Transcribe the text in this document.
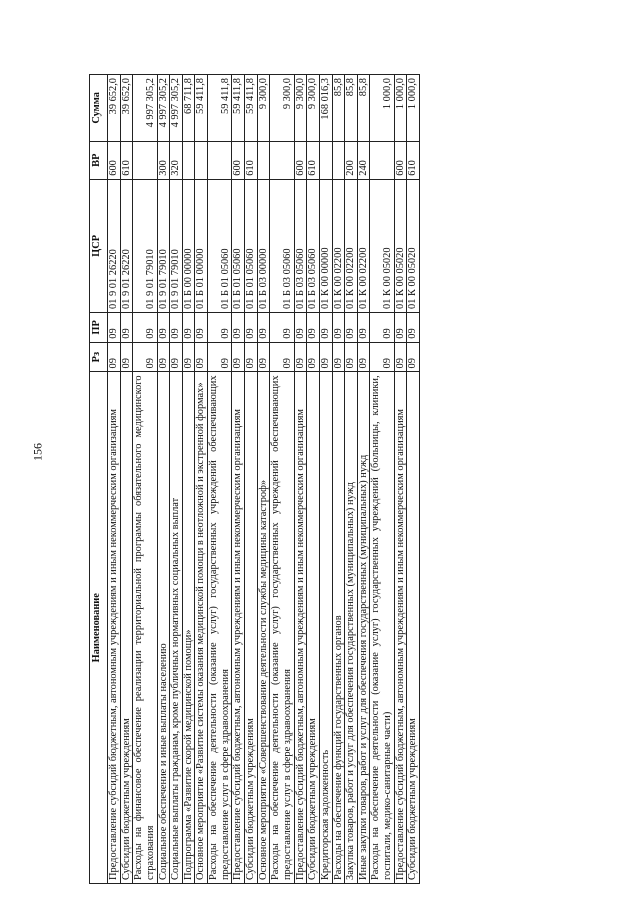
156
Наименование	Рз	ПР	ЦСР	ВР	Сумма
Предоставление субсидий бюджетным, автономным учреждениям и иным некоммерческим организациям	09	09	01 9 01 26220	600	39 652,0
Субсидии бюджетным учреждениям	09	09	01 9 01 26220	610	39 652,0
Расходы на финансовое обеспечение реализации территориальной программы обязательного медицинского страхования	09	09	01 9 01 79010		4 997 305,2
Социальное обеспечение и иные выплаты населению	09	09	01 9 01 79010	300	4 997 305,2
Социальные выплаты гражданам, кроме публичных нормативных социальных выплат	09	09	01 9 01 79010	320	4 997 305,2
Подпрограмма «Развитие скорой медицинской помощи»	09	09	01 Б 00 00000		68 711,8
Основное мероприятие «Развитие системы оказания медицинской помощи в неотложной и экстренной формах»	09	09	01 Б 01 00000		59 411,8
Расходы на обеспечение деятельности (оказание услуг) государственных учреждений обеспечивающих предоставление услуг в сфере здравоохранения	09	09	01 Б 01 05060		59 411,8
Предоставление субсидий бюджетным, автономным учреждениям и иным некоммерческим организациям	09	09	01 Б 01 05060	600	59 411,8
Субсидии бюджетным учреждениям	09	09	01 Б 01 05060	610	59 411,8
Основное мероприятие «Совершенствование деятельности службы медицины катастроф»	09	09	01 Б 03 00000		9 300,0
Расходы на обеспечение деятельности (оказание услуг) государственных учреждений обеспечивающих предоставление услуг в сфере здравоохранения	09	09	01 Б 03 05060		9 300,0
Предоставление субсидий бюджетным, автономным учреждениям и иным некоммерческим организациям	09	09	01 Б 03 05060	600	9 300,0
Субсидии бюджетным учреждениям	09	09	01 Б 03 05060	610	9 300,0
Кредиторская задолженность	09	09	01 К 00 00000		168 016,3
Расходы на обеспечение функций государственных органов	09	09	01 К 00 02200		85,8
Закупка товаров, работ и услуг для обеспечения государственных (муниципальных) нужд	09	09	01 К 00 02200	200	85,8
Иные закупки товаров, работ и услуг для обеспечения государственных (муниципальных) нужд	09	09	01 К 00 02200	240	85,8
Расходы на обеспечение деятельности (оказание услуг) государственных учреждений (больницы, клиники, госпитали, медико-санитарные части)	09	09	01 К 00 05020		1 000,0
Предоставление субсидий бюджетным, автономным учреждениям и иным некоммерческим организациям	09	09	01 К 00 05020	600	1 000,0
Субсидии бюджетным учреждениям	09	09	01 К 00 05020	610	1 000,0
